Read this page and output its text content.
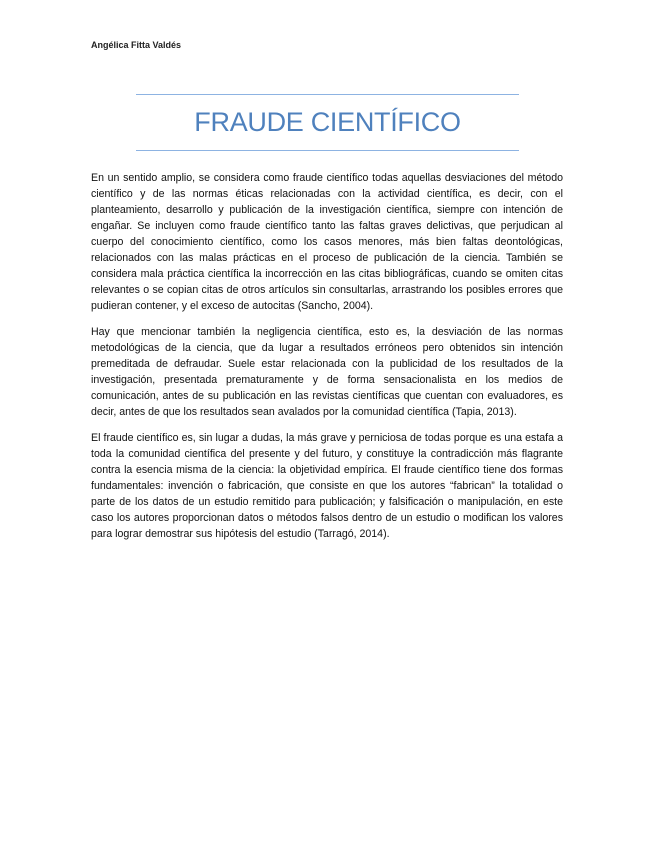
Angélica Fitta Valdés
FRAUDE CIENTÍFICO

En un sentido amplio, se considera como fraude científico todas aquellas desviaciones del método científico y de las normas éticas relacionadas con la actividad científica, es decir, con el planteamiento, desarrollo y publicación de la investigación científica, siempre con intención de engañar. Se incluyen como fraude científico tanto las faltas graves delictivas, que perjudican al cuerpo del conocimiento científico, como los casos menores, más bien faltas deontológicas, relacionados con las malas prácticas en el proceso de publicación de la ciencia. También se considera mala práctica científica la incorrección en las citas bibliográficas, cuando se omiten citas relevantes o se copian citas de otros artículos sin consultarlas, arrastrando los posibles errores que pudieran contener, y el exceso de autocitas (Sancho, 2004).

Hay que mencionar también la negligencia científica, esto es, la desviación de las normas metodológicas de la ciencia, que da lugar a resultados erróneos pero obtenidos sin intención premeditada de defraudar. Suele estar relacionada con la publicidad de los resultados de la investigación, presentada prematuramente y de forma sensacionalista en los medios de comunicación, antes de su publicación en las revistas científicas que cuentan con evaluadores, es decir, antes de que los resultados sean avalados por la comunidad científica (Tapia, 2013).

El fraude científico es, sin lugar a dudas, la más grave y perniciosa de todas porque es una estafa a toda la comunidad científica del presente y del futuro, y constituye la contradicción más flagrante contra la esencia misma de la ciencia: la objetividad empírica. El fraude científico tiene dos formas fundamentales: invención o fabricación, que consiste en que los autores “fabrican” la totalidad o parte de los datos de un estudio remitido para publicación; y falsificación o manipulación, en este caso los autores proporcionan datos o métodos falsos dentro de un estudio o modifican los valores para lograr demostrar sus hipótesis del estudio (Tarragó, 2014).
